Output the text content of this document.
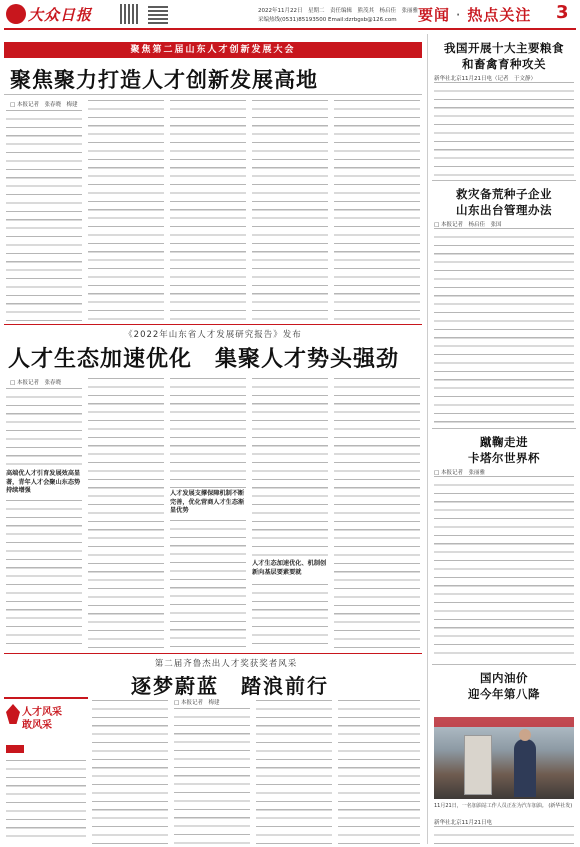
大众日报	2022年11月22日　星期二　责任编辑　熊茂其　杨启佳　张丽雅
采编热线(0531)85193500 Email:dzrbgsb@126.com 要闻 · 热点关注 3
聚焦第二届山东人才创新发展大会
聚焦聚力打造人才创新发展高地
□ 本报记者　张春晓　梅建
《2022年山东省人才发展研究报告》发布
人才生态加速优化　集聚人才势头强劲
□ 本报记者　张春晓
高端优人才引育发展效高显著，青年人才会聚山东态势持续增强	人才发展支撑保障机制不断完善，优化营商人才生态渐显优势
人才生态加速优化、机制创新向基层要素要就
第二届齐鲁杰出人才奖获奖者风采
逐梦蔚蓝　踏浪前行
人才风采
敢风采
□ 本报记者　梅建
我国开展十大主要粮食
和畜禽育种攻关
新华社北京11月21日电（记者　于文静）
救灾备荒种子企业
山东出台管理办法
□ 本报记者　杨启佳　张国
蹴鞠走进
卡塔尔世界杯
□ 本报记者　张丽雅
国内油价
迎今年第八降
11月21日，一名加油站工作人员正在为汽车加油。 (新华社发)
新华社北京11月21日电
